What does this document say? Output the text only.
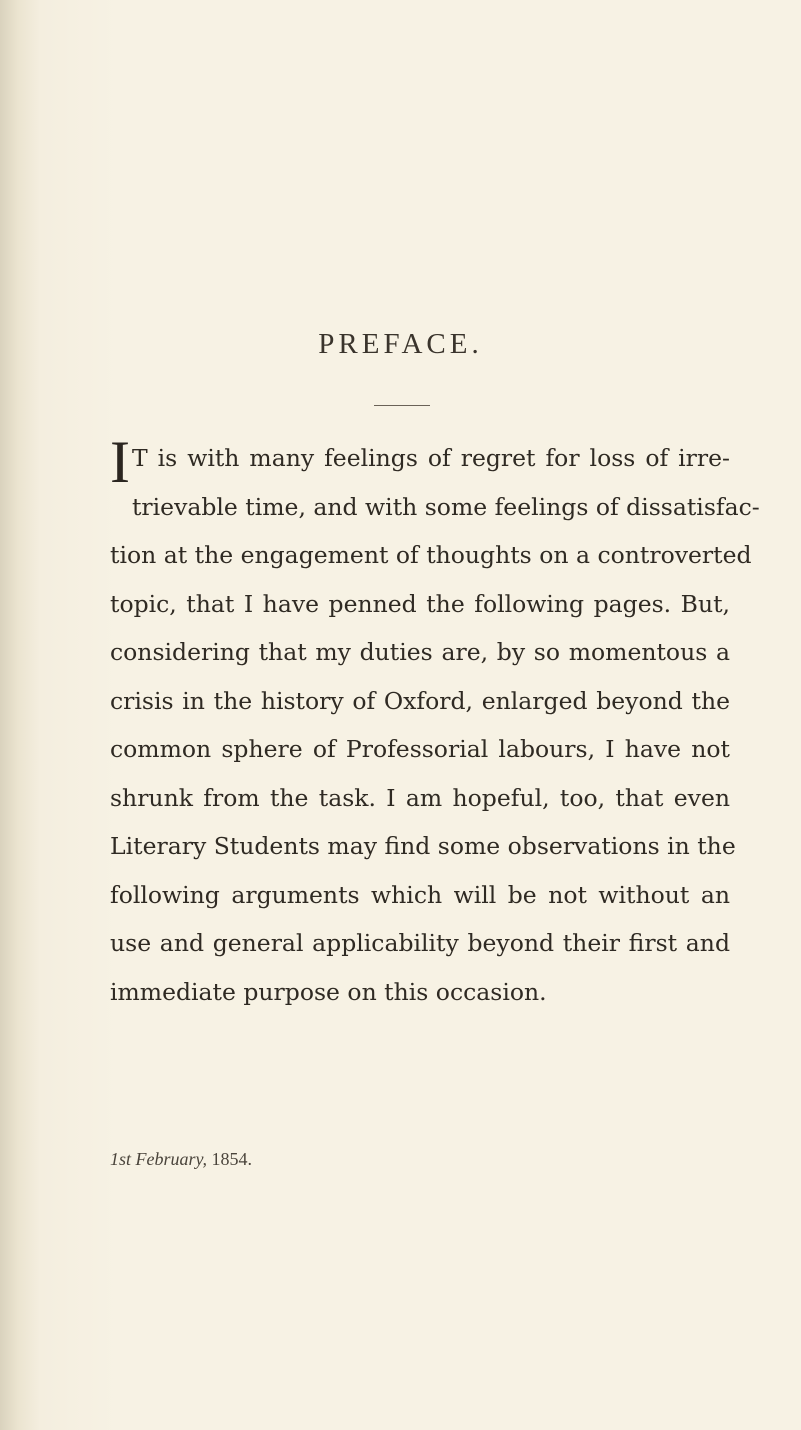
PREFACE.
I T is with many feelings of regret for loss of irre-
trievable time, and with some feelings of dissatisfac-
tion at the engagement of thoughts on a controverted
topic, that I have penned the following pages. But,
considering that my duties are, by so momentous a
crisis in the history of Oxford, enlarged beyond the
common sphere of Professorial labours, I have not
shrunk from the task. I am hopeful, too, that even
Literary Students may find some observations in the
following arguments which will be not without an
use and general applicability beyond their first and
immediate purpose on this occasion.
1st February, 1854.
